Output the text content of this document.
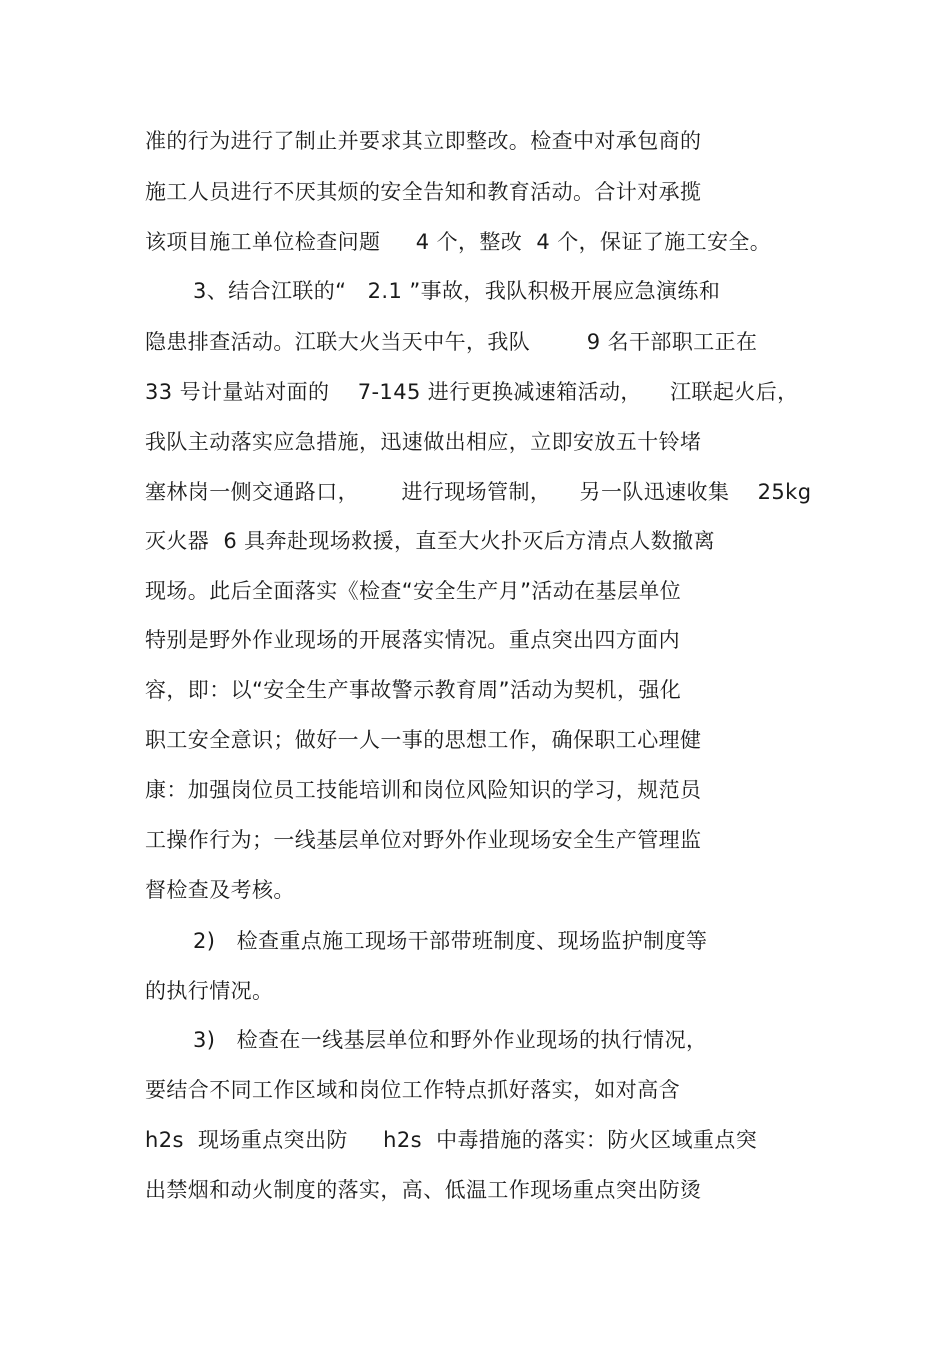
准的行为进行了制止并要求其立即整改。检查中对承包商的
施工人员进行不厌其烦的安全告知和教育活动。合计对承揽
该项目施工单位检查问题     4 个，整改  4 个，保证了施工安全。
3、结合江联的“   2.1 ”事故，我队积极开展应急演练和
隐患排查活动。江联大火当天中午，我队        9 名干部职工正在
33 号计量站对面的    7-145 进行更换减速箱活动，    江联起火后，
我队主动落实应急措施，迅速做出相应，立即安放五十铃堵
塞林岗一侧交通路口，      进行现场管制，    另一队迅速收集    25kg
灭火器  6 具奔赴现场救援，直至大火扑灭后方清点人数撤离
现场。此后全面落实《检查“安全生产月”活动在基层单位
特别是野外作业现场的开展落实情况。重点突出四方面内
容，即：以“安全生产事故警示教育周”活动为契机，强化
职工安全意识；做好一人一事的思想工作，确保职工心理健
康：加强岗位员工技能培训和岗位风险知识的学习，规范员
工操作行为；一线基层单位对野外作业现场安全生产管理监
督检查及考核。
2)   检查重点施工现场干部带班制度、现场监护制度等
的执行情况。
3)   检查在一线基层单位和野外作业现场的执行情况，
要结合不同工作区域和岗位工作特点抓好落实，如对高含
h2s  现场重点突出防     h2s  中毒措施的落实：防火区域重点突
出禁烟和动火制度的落实，高、低温工作现场重点突出防烫
